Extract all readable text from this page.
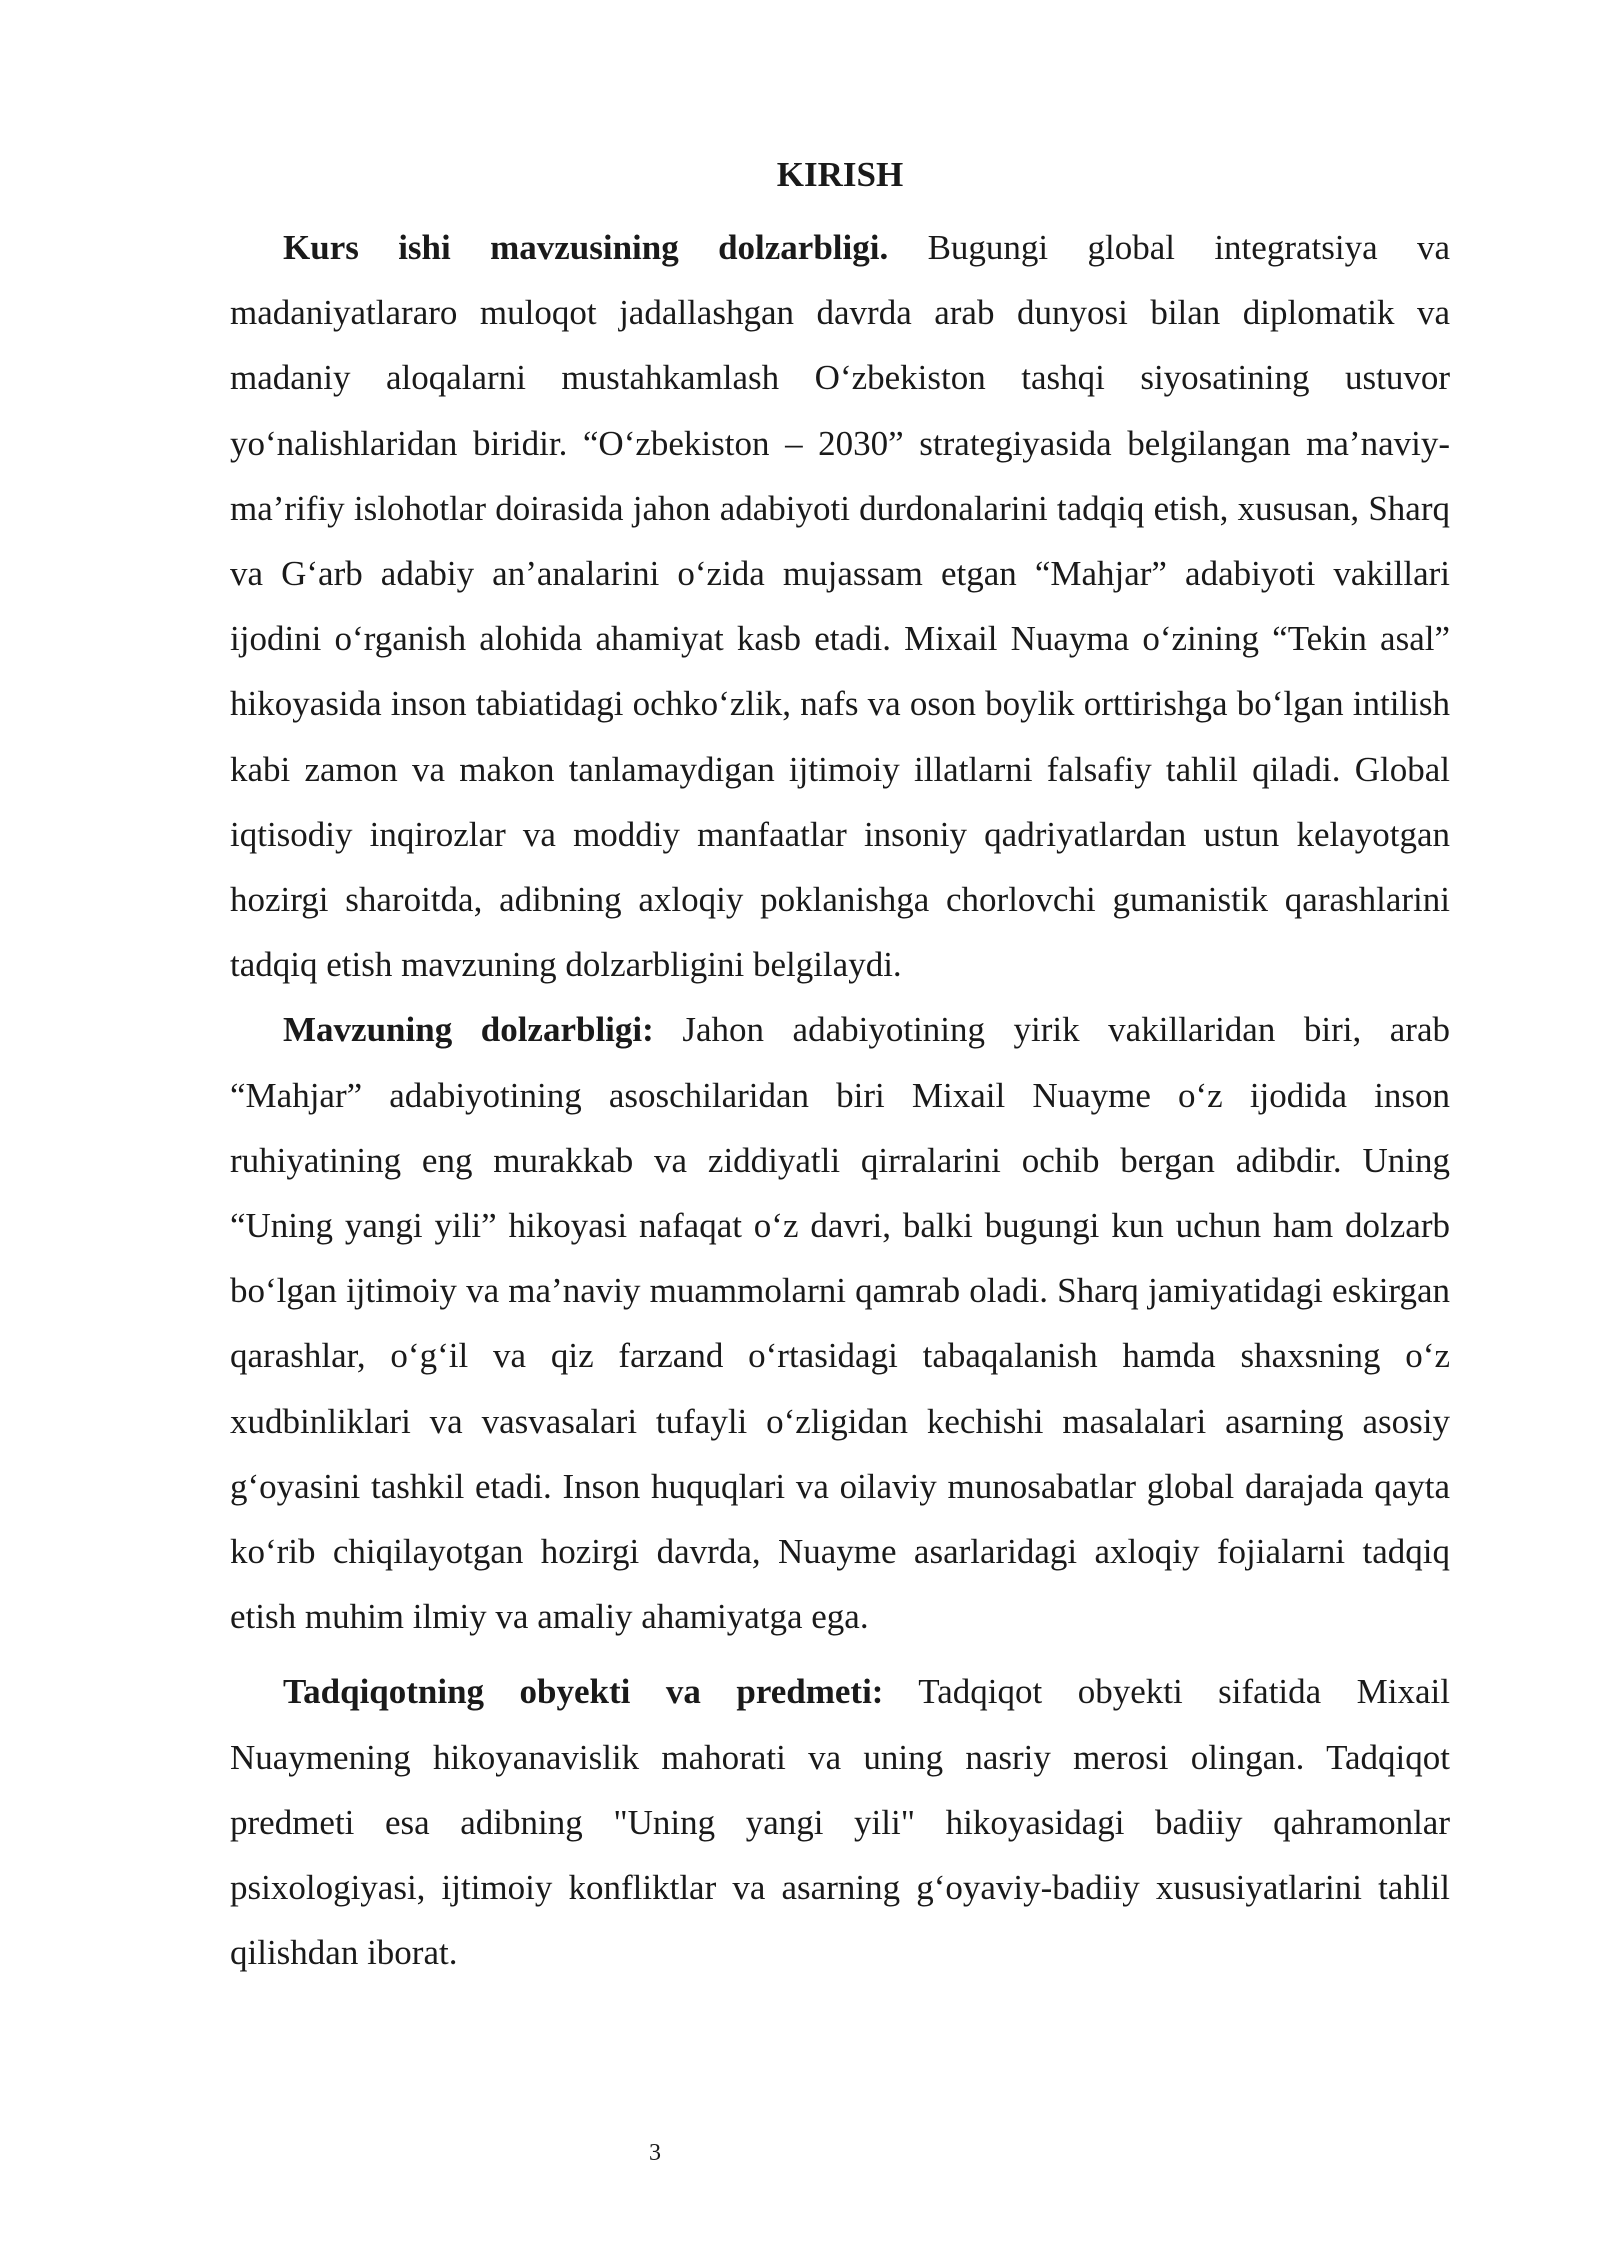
KIRISH

Kurs ishi mavzusining dolzarbligi. Bugungi global integratsiya va madaniyatlararo muloqot jadallashgan davrda arab dunyosi bilan diplomatik va madaniy aloqalarni mustahkamlash O‘zbekiston tashqi siyosatining ustuvor yo‘nalishlaridan biridir. “O‘zbekiston – 2030” strategiyasida belgilangan ma’naviy-ma’rifiy islohotlar doirasida jahon adabiyoti durdonalarini tadqiq etish, xususan, Sharq va G‘arb adabiy an’analarini o‘zida mujassam etgan “Mahjar” adabiyoti vakillari ijodini o‘rganish alohida ahamiyat kasb etadi. Mixail Nuayma o‘zining “Tekin asal” hikoyasida inson tabiatidagi ochko‘zlik, nafs va oson boylik orttirishga bo‘lgan intilish kabi zamon va makon tanlamaydigan ijtimoiy illatlarni falsafiy tahlil qiladi. Global iqtisodiy inqirozlar va moddiy manfaatlar insoniy qadriyatlardan ustun kelayotgan hozirgi sharoitda, adibning axloqiy poklanishga chorlovchi gumanistik qarashlarini tadqiq etish mavzuning dolzarbligini belgilaydi.

Mavzuning dolzarbligi: Jahon adabiyotining yirik vakillaridan biri, arab “Mahjar” adabiyotining asoschilaridan biri Mixail Nuayme o‘z ijodida inson ruhiyatining eng murakkab va ziddiyatli qirralarini ochib bergan adibdir. Uning “Uning yangi yili” hikoyasi nafaqat o‘z davri, balki bugungi kun uchun ham dolzarb bo‘lgan ijtimoiy va ma’naviy muammolarni qamrab oladi. Sharq jamiyatidagi eskirgan qarashlar, o‘g‘il va qiz farzand o‘rtasidagi tabaqalanish hamda shaxsning o‘z xudbinliklari va vasvasalari tufayli o‘zligidan kechishi masalalari asarning asosiy g‘oyasini tashkil etadi. Inson huquqlari va oilaviy munosabatlar global darajada qayta ko‘rib chiqilayotgan hozirgi davrda, Nuayme asarlaridagi axloqiy fojialarni tadqiq etish muhim ilmiy va amaliy ahamiyatga ega.

Tadqiqotning obyekti va predmeti: Tadqiqot obyekti sifatida Mixail Nuaymening hikoyanavislik mahorati va uning nasriy merosi olingan. Tadqiqot predmeti esa adibning "Uning yangi yili" hikoyasidagi badiiy qahramonlar psixologiyasi, ijtimoiy konfliktlar va asarning g‘oyaviy-badiiy xususiyatlarini tahlil qilishdan iborat.

3
